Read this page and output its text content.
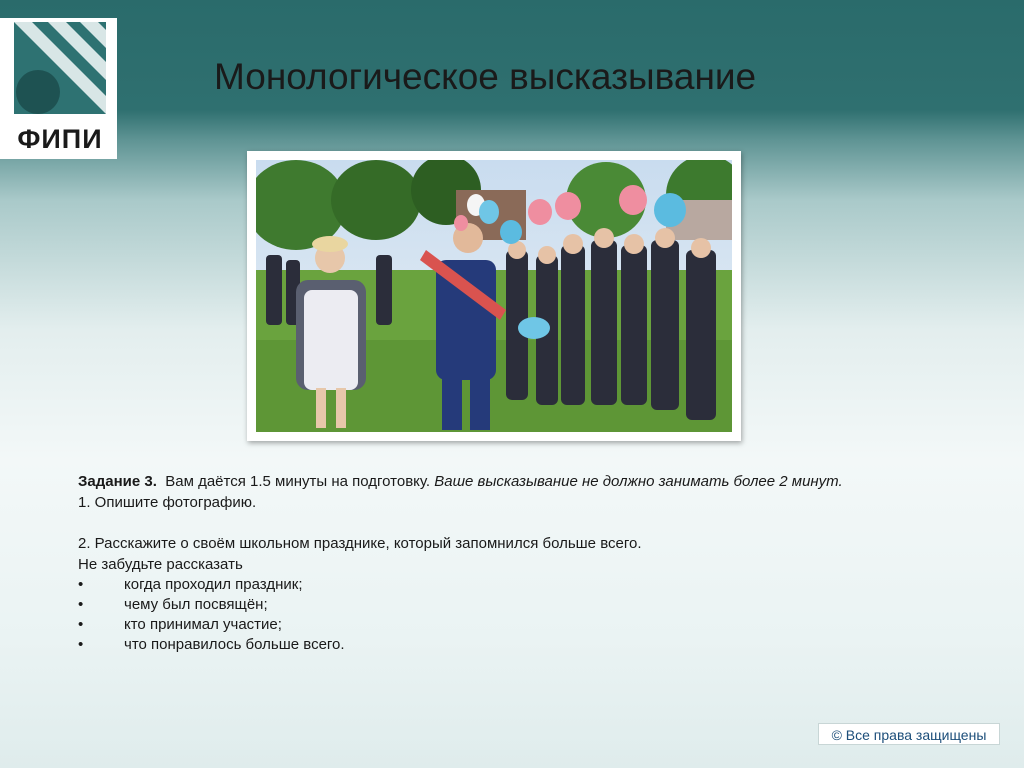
ФИПИ
Монологическое высказывание
Задание 3. Вам даётся 1.5 минуты на подготовку. Ваше высказывание не должно занимать более 2 минут.
1. Опишите фотографию.
2. Расскажите о своём школьном празднике, который запомнился больше всего.
Не забудьте рассказать
•	когда проходил праздник;
•	чему был посвящён;
•	кто принимал участие;
•	что понравилось больше всего.
© Все права защищены
